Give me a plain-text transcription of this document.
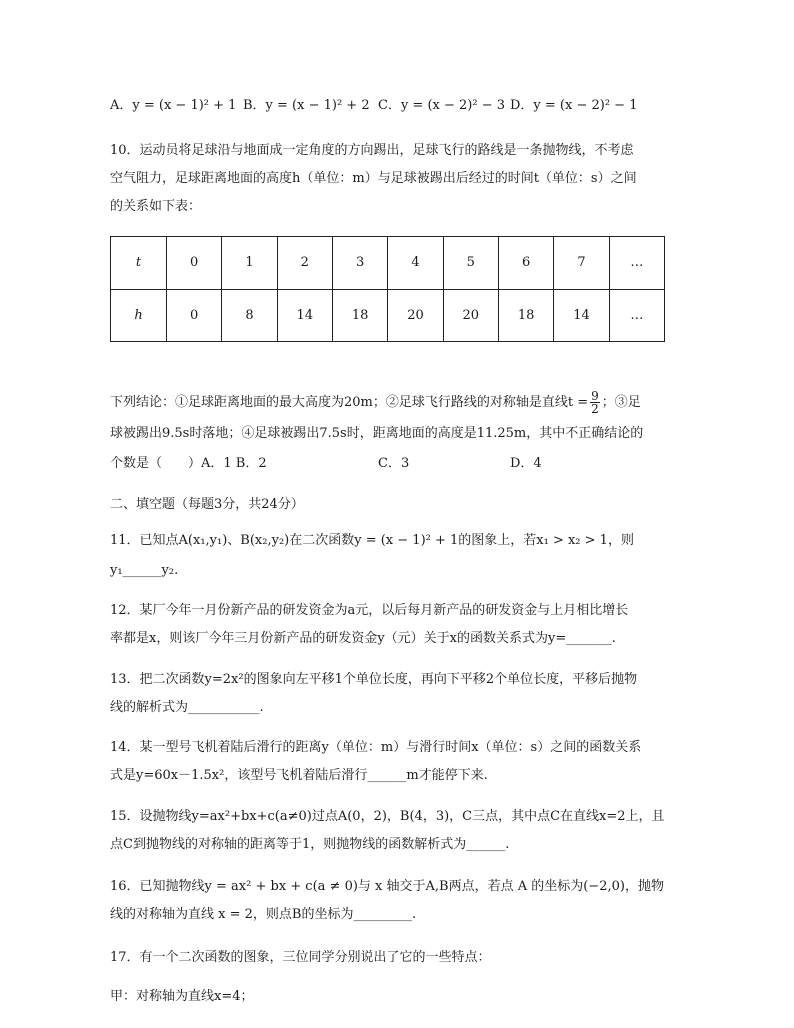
A．y = (x − 1)² + 1 B．y = (x − 1)² + 2 C．y = (x − 2)² − 3 D．y = (x − 2)² − 1
10．运动员将足球沿与地面成一定角度的方向踢出，足球飞行的路线是一条抛物线，不考虑
空气阻力，足球距离地面的高度h（单位：m）与足球被踢出后经过的时间t（单位：s）之间
的关系如下表：
t	0	1	2	3	4	5	6	7	…
h	0	8	14	18	20	20	18	14	…
下列结论：①足球距离地面的最大高度为20m；②足球飞行路线的对称轴是直线$t = \frac{9}{2}$ ；③足
球被踢出9.5s时落地；④足球被踢出7.5s时，距离地面的高度是11.25m，其中不正确结论的
个数是（　　）A．1 B．2	C．3	D．4
二、填空题（每题3分，共24分）
11．已知点A(x₁,y₁)、B(x₂,y₂)在二次函数y = (x − 1)² + 1的图象上，若x₁ > x₂ > 1，则
y₁______y₂.
12．某厂今年一月份新产品的研发资金为a元，以后每月新产品的研发资金与上月相比增长
率都是x，则该厂今年三月份新产品的研发资金y（元）关于x的函数关系式为y=_______.
13．把二次函数y=2x²的图象向左平移1个单位长度，再向下平移2个单位长度，平移后抛物
线的解析式为___________.
14．某一型号飞机着陆后滑行的距离y（单位：m）与滑行时间x（单位：s）之间的函数关系
式是y=60x－1.5x²，该型号飞机着陆后滑行______m才能停下来.
15．设抛物线y=ax²+bx+c(a≠0)过点A(0，2)，B(4，3)，C三点，其中点C在直线x=2上，且
点C到抛物线的对称轴的距离等于1，则抛物线的函数解析式为______.
16．已知抛物线y = ax² + bx + c(a ≠ 0)与 x 轴交于A,B两点，若点 A 的坐标为(−2,0)，抛物
线的对称轴为直线 x = 2，则点B的坐标为_________.
17．有一个二次函数的图象，三位同学分别说出了它的一些特点：
甲：对称轴为直线x=4；
